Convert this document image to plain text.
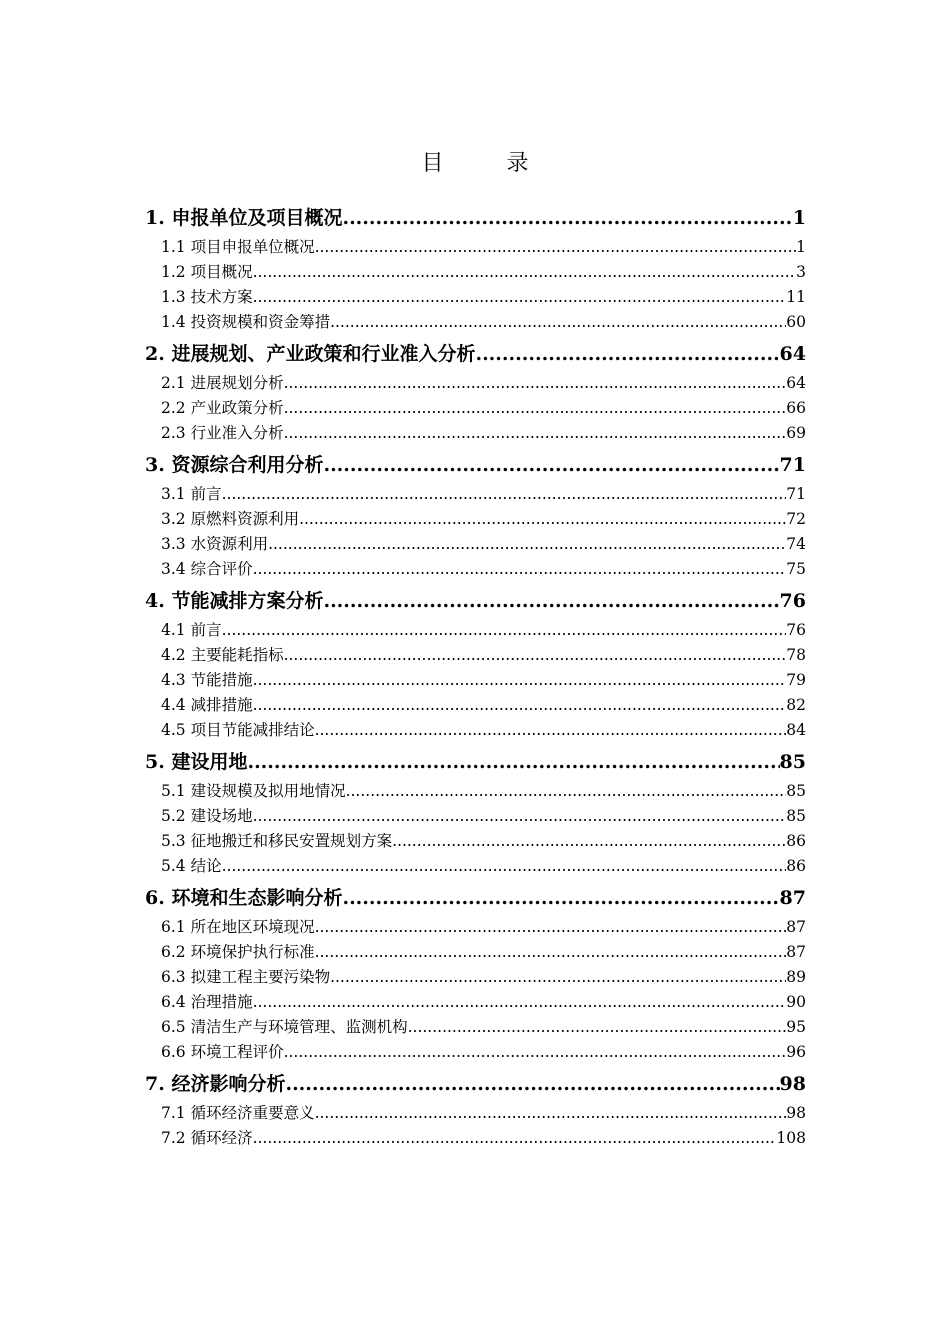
目 录
1. 申报单位及项目概况 .....	1
1.1 项目申报单位概况 .....	1
1.2 项目概况 .....	3
1.3 技术方案 .....	11
1.4 投资规模和资金筹措 .....	60
2. 进展规划、产业政策和行业准入分析 .....	64
2.1 进展规划分析 .....	64
2.2 产业政策分析 .....	66
2.3 行业准入分析 .....	69
3. 资源综合利用分析 .....	71
3.1 前言 .....	71
3.2 原燃料资源利用 .....	72
3.3 水资源利用 .....	74
3.4 综合评价 .....	75
4. 节能减排方案分析 .....	76
4.1 前言 .....	76
4.2 主要能耗指标 .....	78
4.3 节能措施 .....	79
4.4 减排措施 .....	82
4.5 项目节能减排结论 .....	84
5. 建设用地 .....	85
5.1 建设规模及拟用地情况 .....	85
5.2 建设场地 .....	85
5.3 征地搬迁和移民安置规划方案 .....	86
5.4 结论 .....	86
6. 环境和生态影响分析 .....	87
6.1 所在地区环境现况 .....	87
6.2 环境保护执行标准 .....	87
6.3 拟建工程主要污染物 .....	89
6.4 治理措施 .....	90
6.5 清洁生产与环境管理、监测机构 .....	95
6.6 环境工程评价 .....	96
7. 经济影响分析 .....	98
7.1 循环经济重要意义 .....	98
7.2 循环经济 .....	108
